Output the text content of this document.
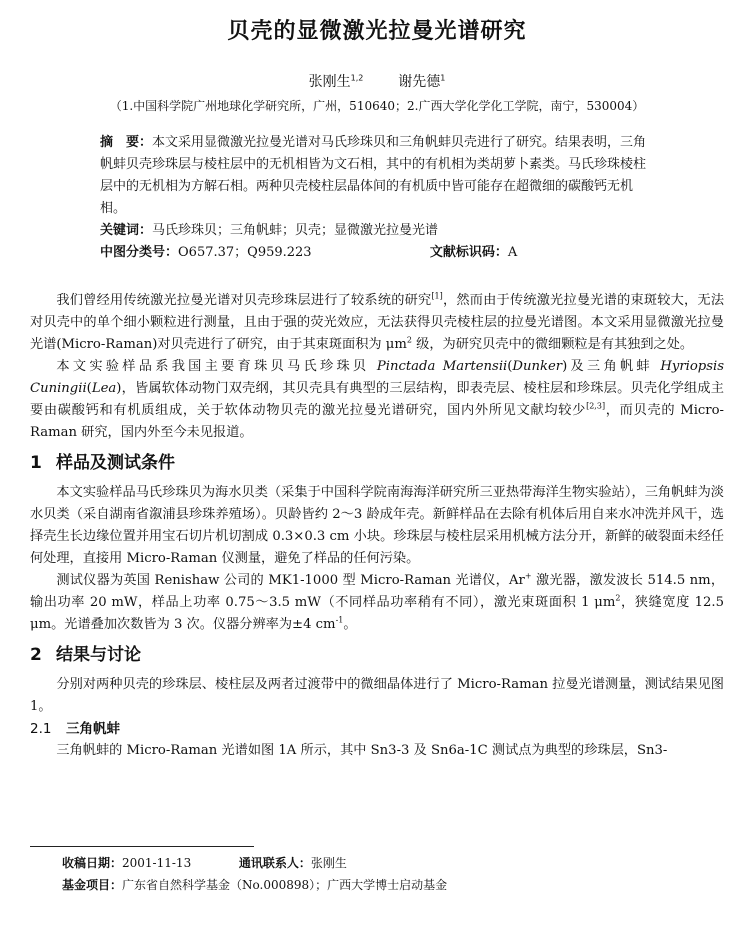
贝壳的显微激光拉曼光谱研究
张刚生$^{1,2}$ 谢先德$^1$
（1.中国科学院广州地球化学研究所，广州，510640；2.广西大学化学化工学院，南宁，530004）
摘　要：本文采用显微激光拉曼光谱对马氏珍珠贝和三角帆蚌贝壳进行了研究。结果表明，三角帆蚌贝壳珍珠层与棱柱层中的无机相皆为文石相，其中的有机相为类胡萝卜素类。马氏珍珠棱柱层中的无机相为方解石相。两种贝壳棱柱层晶体间的有机质中皆可能存在超微细的碳酸钙无机相。
关键词：马氏珍珠贝；三角帆蚌；贝壳；显微激光拉曼光谱
中图分类号：O657.37；Q959.223	文献标识码：A

我们曾经用传统激光拉曼光谱对贝壳珍珠层进行了较系统的研究[1]，然而由于传统激光拉曼光谱的束斑较大，无法对贝壳中的单个细小颗粒进行测量，且由于强的荧光效应，无法获得贝壳棱柱层的拉曼光谱图。本文采用显微激光拉曼光谱(Micro-Raman)对贝壳进行了研究，由于其束斑面积为 $\mu m^2$ 级，为研究贝壳中的微细颗粒是有其独到之处。

本文实验样品系我国主要育珠贝马氏珍珠贝 Pinctada Martensii(Dunker)及三角帆蚌 Hyriopsis Cuningii(Lea)，皆属软体动物门双壳纲，其贝壳具有典型的三层结构，即表壳层、棱柱层和珍珠层。贝壳化学组成主要由碳酸钙和有机质组成，关于软体动物贝壳的激光拉曼光谱研究，国内外所见文献均较少[2,3]，而贝壳的 Micro-Raman 研究，国内外至今未见报道。

1 样品及测试条件

本文实验样品马氏珍珠贝为海水贝类（采集于中国科学院南海海洋研究所三亚热带海洋生物实验站），三角帆蚌为淡水贝类（采自湖南省溆浦县珍珠养殖场）。贝龄皆约 2～3 龄成年壳。新鲜样品在去除有机体后用自来水冲洗并风干，选择壳生长边缘位置并用宝石切片机切割成 0.3×0.3 cm 小块。珍珠层与棱柱层采用机械方法分开，新鲜的破裂面未经任何处理，直接用 Micro-Raman 仪测量，避免了样品的任何污染。

测试仪器为英国 Renishaw 公司的 MK1-1000 型 Micro-Raman 光谱仪，Ar+ 激光器，激发波长 514.5 nm，输出功率 20 mW，样品上功率 0.75～3.5 mW（不同样品功率稍有不同），激光束斑面积 1 $\mu m^2$，狭缝宽度 12.5 μm。光谱叠加次数皆为 3 次。仪器分辨率为±4 $cm^{-1}$。

2 结果与讨论

分别对两种贝壳的珍珠层、棱柱层及两者过渡带中的微细晶体进行了 Micro-Raman 拉曼光谱测量，测试结果见图 1。

2.1 三角帆蚌

三角帆蚌的 Micro-Raman 光谱如图 1A 所示，其中 Sn3-3 及 Sn6a-1C 测试点为典型的珍珠层，Sn3-

收稿日期：2001-11-13	通讯联系人：张刚生
基金项目：广东省自然科学基金（No.000898）；广西大学博士启动基金
